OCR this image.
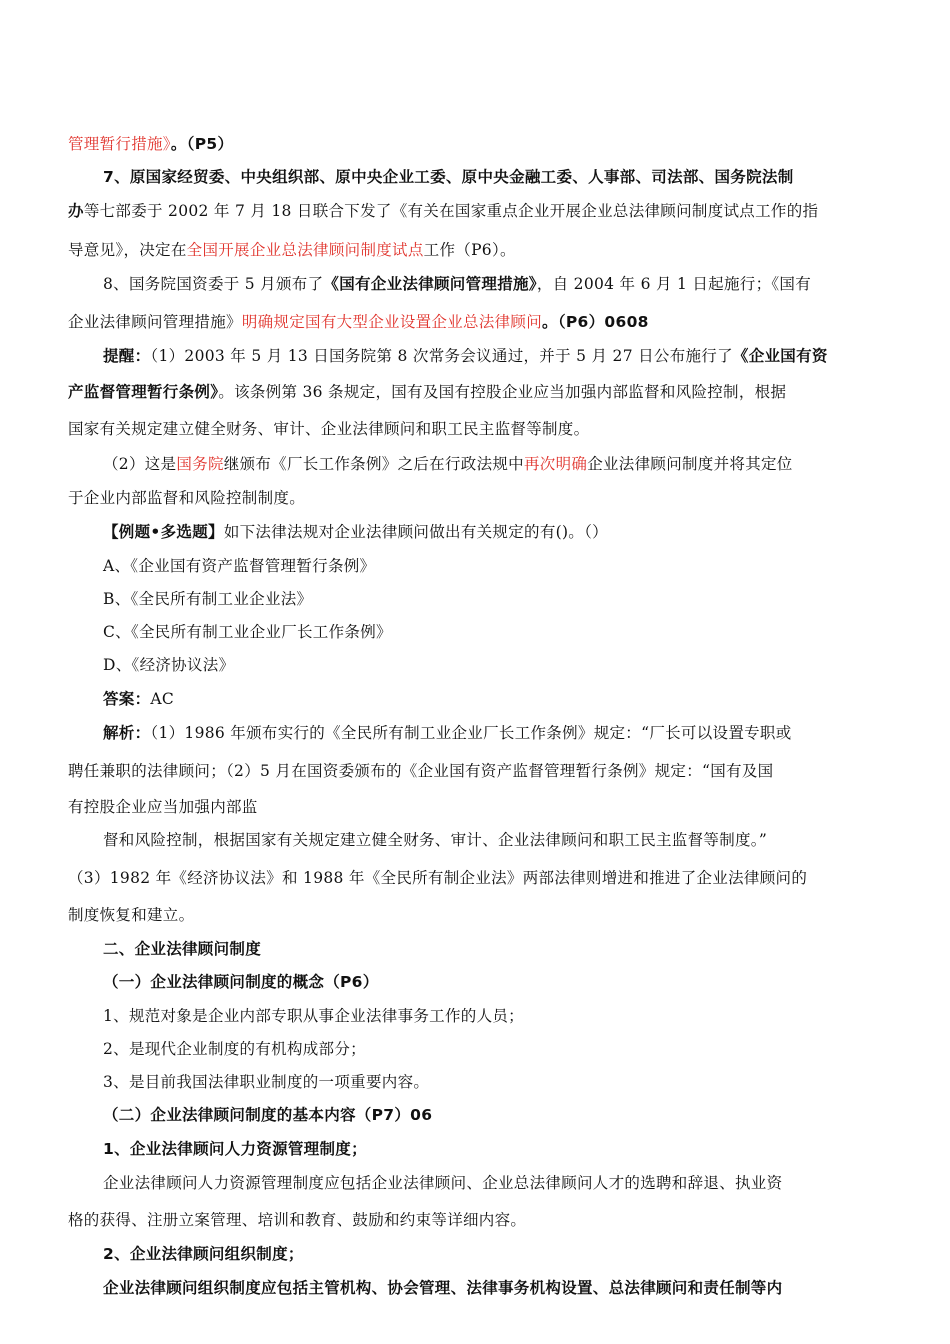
管理暂行措施》。（P5）
7、原国家经贸委、中央组织部、原中央企业工委、原中央金融工委、人事部、司法部、国务院法制
办等七部委于 2002 年 7 月 18 日联合下发了《有关在国家重点企业开展企业总法律顾问制度试点工作的指
导意见》，决定在全国开展企业总法律顾问制度试点工作（P6）。
8、国务院国资委于 5 月颁布了《国有企业法律顾问管理措施》，自 2004 年 6 月 1 日起施行；《国有
企业法律顾问管理措施》明确规定国有大型企业设置企业总法律顾问。（P6）0608
提醒：（1）2003 年 5 月 13 日国务院第 8 次常务会议通过，并于 5 月 27 日公布施行了《企业国有资
产监督管理暂行条例》。该条例第 36 条规定，国有及国有控股企业应当加强内部监督和风险控制，根据
国家有关规定建立健全财务、审计、企业法律顾问和职工民主监督等制度。
（2）这是国务院继颁布《厂长工作条例》之后在行政法规中再次明确企业法律顾问制度并将其定位
于企业内部监督和风险控制制度。
【例题•多选题】如下法律法规对企业法律顾问做出有关规定的有()。（）
A、《企业国有资产监督管理暂行条例》
B、《全民所有制工业企业法》
C、《全民所有制工业企业厂长工作条例》
D、《经济协议法》
答案：AC
解析：（1）1986 年颁布实行的《全民所有制工业企业厂长工作条例》规定：“厂长可以设置专职或
聘任兼职的法律顾问；（2）5 月在国资委颁布的《企业国有资产监督管理暂行条例》规定：“国有及国
有控股企业应当加强内部监
督和风险控制，根据国家有关规定建立健全财务、审计、企业法律顾问和职工民主监督等制度。”
（3）1982 年《经济协议法》和 1988 年《全民所有制企业法》两部法律则增进和推进了企业法律顾问的
制度恢复和建立。
二、企业法律顾问制度
（一）企业法律顾问制度的概念（P6）
1、规范对象是企业内部专职从事企业法律事务工作的人员；
2、是现代企业制度的有机构成部分；
3、是目前我国法律职业制度的一项重要内容。
（二）企业法律顾问制度的基本内容（P7）06
1、企业法律顾问人力资源管理制度；
企业法律顾问人力资源管理制度应包括企业法律顾问、企业总法律顾问人才的选聘和辞退、执业资
格的获得、注册立案管理、培训和教育、鼓励和约束等详细内容。
2、企业法律顾问组织制度；
企业法律顾问组织制度应包括主管机构、协会管理、法律事务机构设置、总法律顾问和责任制等内
